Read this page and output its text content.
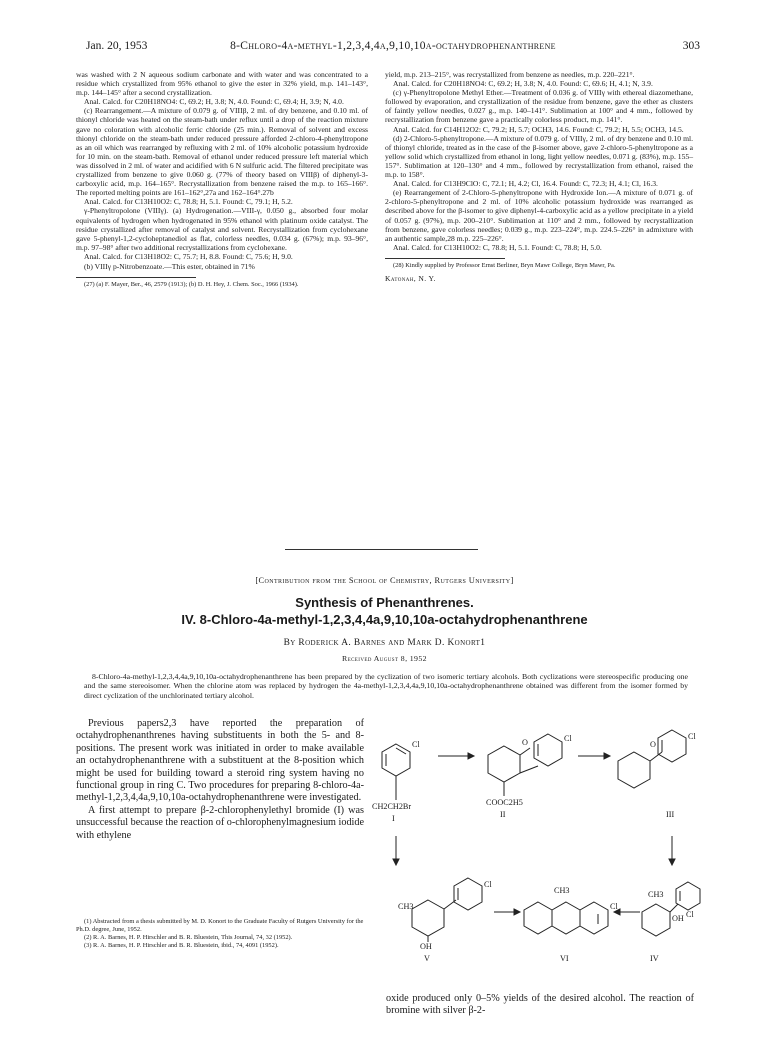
Jan. 20, 1953	8-Chloro-4a-methyl-1,2,3,4,4a,9,10,10a-octahydrophenanthrene	303

was washed with 2 N aqueous sodium carbonate and with water and was concentrated to a residue which crystallized from 95% ethanol to give the ester in 32% yield, m.p. 141–143°, m.p. 144–145° after a second crystallization.

Anal. Calcd. for C20H18NO4: C, 69.2; H, 3.8; N, 4.0. Found: C, 69.4; H, 3.9; N, 4.0.

(c) Rearrangement.—A mixture of 0.079 g. of VIIIβ, 2 ml. of dry benzene, and 0.10 ml. of thionyl chloride was heated on the steam-bath under reflux until a drop of the reaction mixture gave no coloration with alcoholic ferric chloride (25 min.). Removal of solvent and excess thionyl chloride on the steam-bath under reduced pressure afforded 2-chloro-4-phenyltropone as an oil which was rearranged by refluxing with 2 ml. of 10% alcoholic potassium hydroxide for 10 min. on the steam-bath. Removal of ethanol under reduced pressure left material which was dissolved in 2 ml. of water and acidified with 6 N sulfuric acid. The filtered precipitate was crystallized from benzene to give 0.060 g. (77% of theory based on VIIIβ) of diphenyl-3-carboxylic acid, m.p. 164–165°. Recrystallization from benzene raised the m.p. to 165–166°. The reported melting points are 161–162°,27a and 162–164°.27b

Anal. Calcd. for C13H10O2: C, 78.8; H, 5.1. Found: C, 79.1; H, 5.2.

γ-Phenyltropolone (VIIIγ). (a) Hydrogenation.—VIII-γ, 0.050 g., absorbed four molar equivalents of hydrogen when hydrogenated in 95% ethanol with platinum oxide catalyst. The residue crystallized after removal of catalyst and solvent. Recrystallization from cyclohexane gave 5-phenyl-1,2-cycloheptanediol as flat, colorless needles, 0.034 g. (67%); m.p. 93–96°, m.p. 97–98° after two additional recrystallizations from cyclohexane.

Anal. Calcd. for C13H18O2: C, 75.7; H, 8.8. Found: C, 75.6; H, 9.0.

(b) VIIIγ p-Nitrobenzoate.—This ester, obtained in 71%

(27) (a) F. Mayer, Ber., 46, 2579 (1913); (b) D. H. Hey, J. Chem. Soc., 1966 (1934).

yield, m.p. 213–215°, was recrystallized from benzene as needles, m.p. 220–221°.

Anal. Calcd. for C20H18NO4: C, 69.2; H, 3.8; N, 4.0. Found: C, 69.6; H, 4.1; N, 3.9.

(c) γ-Phenyltropolone Methyl Ether.—Treatment of 0.036 g. of VIIIγ with ethereal diazomethane, followed by evaporation, and crystallization of the residue from benzene, gave the ether as clusters of faintly yellow needles, 0.027 g., m.p. 140–141°. Sublimation at 100° and 4 mm., followed by recrystallization from benzene gave a practically colorless product, m.p. 141°.

Anal. Calcd. for C14H12O2: C, 79.2; H, 5.7; OCH3, 14.6. Found: C, 79.2; H, 5.5; OCH3, 14.5.

(d) 2-Chloro-5-phenyltropone.—A mixture of 0.079 g. of VIIIγ, 2 ml. of dry benzene and 0.10 ml. of thionyl chloride, treated as in the case of the β-isomer above, gave 2-chloro-5-phenyltropone as a yellow solid which crystallized from ethanol in long, light yellow needles, 0.071 g. (83%), m.p. 155–157°. Sublimation at 120–130° and 4 mm., followed by recrystallization from ethanol, raised the m.p. to 158°.

Anal. Calcd. for C13H9ClO: C, 72.1; H, 4.2; Cl, 16.4. Found: C, 72.3; H, 4.1; Cl, 16.3.

(e) Rearrangement of 2-Chloro-5-phenyltropone with Hydroxide Ion.—A mixture of 0.071 g. of 2-chloro-5-phenyltropone and 2 ml. of 10% alcoholic potassium hydroxide was rearranged as described above for the β-isomer to give diphenyl-4-carboxylic acid as a yellow precipitate in a yield of 0.057 g. (97%), m.p. 200–210°. Sublimation at 110° and 2 mm., followed by recrystallization from benzene, gave colorless needles; 0.039 g., m.p. 223–224°, m.p. 224.5–226° in admixture with an authentic sample,28 m.p. 225–226°.

Anal. Calcd. for C13H10O2: C, 78.8; H, 5.1. Found: C, 78.8; H, 5.0.

(28) Kindly supplied by Professor Ernst Berliner, Bryn Mawr College, Bryn Mawr, Pa.

Katonah, N. Y.
[Contribution from the School of Chemistry, Rutgers University]
Synthesis of Phenanthrenes.
IV. 8-Chloro-4a-methyl-1,2,3,4,4a,9,10,10a-octahydrophenanthrene
By Roderick A. Barnes and Mark D. Konort1
Received August 8, 1952

8-Chloro-4a-methyl-1,2,3,4,4a,9,10,10a-octahydrophenanthrene has been prepared by the cyclization of two isomeric tertiary alcohols. Both cyclizations were stereospecific producing one and the same stereoisomer. When the chlorine atom was replaced by hydrogen the 4a-methyl-1,2,3,4,4a,9,10,10a-octahydrophenanthrene obtained was different from the isomer formed by direct cyclization of the unchlorinated tertiary alcohol.

Previous papers2,3 have reported the preparation of octahydrophenanthrenes having substituents in both the 5- and 8-positions. The present work was initiated in order to make available an octahydrophenanthrene with a substituent at the 8-position which might be used for building toward a steroid ring system having no functional group in ring C. Two procedures for preparing 8-chloro-4a-methyl-1,2,3,4,4a,9,10,10a-octahydrophenanthrene were investigated.

A first attempt to prepare β-2-chlorophenylethyl bromide (I) was unsuccessful because the reaction of o-chlorophenylmagnesium iodide with ethylene

(1) Abstracted from a thesis submitted by M. D. Konort to the Graduate Faculty of Rutgers University for the Ph.D. degree, June, 1952.

(2) R. A. Barnes, H. P. Hirschler and B. R. Bluestein, This Journal, 74, 32 (1952).

(3) R. A. Barnes, H. P. Hirschler and B. R. Bluestein, ibid., 74, 4091 (1952).

Cl
CH2CH2Br
I
O	Cl
COOC2H5
II
O
Cl
III
CH3
Cl
OH
V
CH3
Cl
VI
CH3
OH Cl
IV

oxide produced only 0–5% yields of the desired alcohol. The reaction of bromine with silver β-2-
